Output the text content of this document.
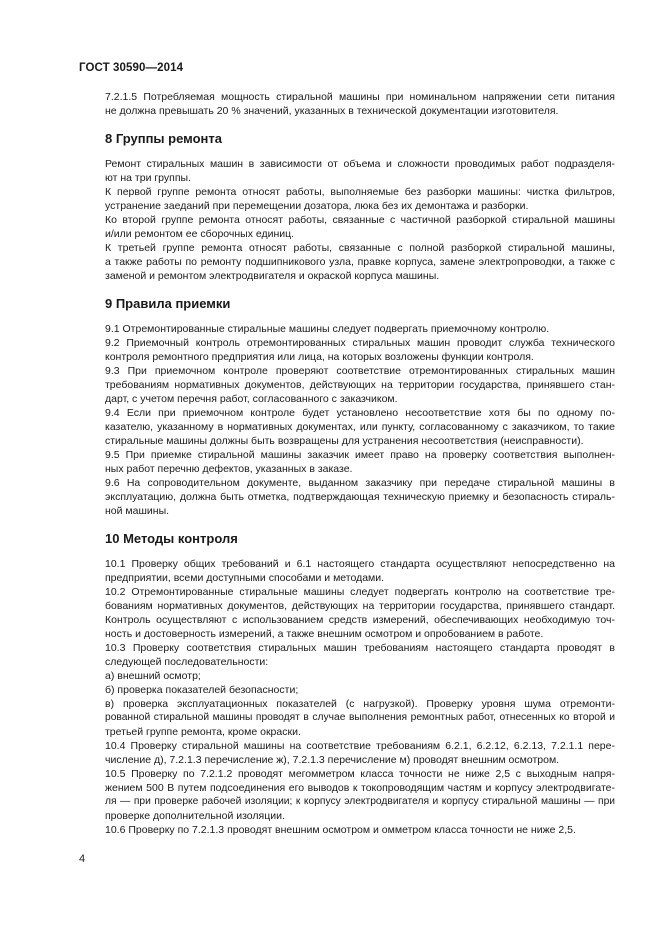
ГОСТ 30590—2014
7.2.1.5 Потребляемая мощность стиральной машины при номинальном напряжении сети питания
не должна превышать 20 % значений, указанных в технической документации изготовителя.
8 Группы ремонта
Ремонт стиральных машин в зависимости от объема и сложности проводимых работ подразделя-
ют на три группы.
К первой группе ремонта относят работы, выполняемые без разборки машины: чистка фильтров,
устранение заеданий при перемещении дозатора, люка без их демонтажа и разборки.
Ко второй группе ремонта относят работы, связанные с частичной разборкой стиральной машины
и/или ремонтом ее сборочных единиц.
К третьей группе ремонта относят работы, связанные с полной разборкой стиральной машины,
а также работы по ремонту подшипникового узла, правке корпуса, замене электропроводки, а также с
заменой и ремонтом электродвигателя и окраской корпуса машины.
9 Правила приемки
9.1 Отремонтированные стиральные машины следует подвергать приемочному контролю.
9.2 Приемочный контроль отремонтированных стиральных машин проводит служба технического
контроля ремонтного предприятия или лица, на которых возложены функции контроля.
9.3 При приемочном контроле проверяют соответствие отремонтированных стиральных машин
требованиям нормативных документов, действующих на территории государства, принявшего стан-
дарт, с учетом перечня работ, согласованного с заказчиком.
9.4 Если при приемочном контроле будет установлено несоответствие хотя бы по одному по-
казателю, указанному в нормативных документах, или пункту, согласованному с заказчиком, то такие
стиральные машины должны быть возвращены для устранения несоответствия (неисправности).
9.5 При приемке стиральной машины заказчик имеет право на проверку соответствия выполнен-
ных работ перечню дефектов, указанных в заказе.
9.6 На сопроводительном документе, выданном заказчику при передаче стиральной машины в
эксплуатацию, должна быть отметка, подтверждающая техническую приемку и безопасность стираль-
ной машины.
10 Методы контроля
10.1 Проверку общих требований и 6.1 настоящего стандарта осуществляют непосредственно на
предприятии, всеми доступными способами и методами.
10.2 Отремонтированные стиральные машины следует подвергать контролю на соответствие тре-
бованиям нормативных документов, действующих на территории государства, принявшего стандарт.
Контроль осуществляют с использованием средств измерений, обеспечивающих необходимую точ-
ность и достоверность измерений, а также внешним осмотром и опробованием в работе.
10.3 Проверку соответствия стиральных машин требованиям настоящего стандарта проводят в
следующей последовательности:
а) внешний осмотр;
б) проверка показателей безопасности;
в) проверка эксплуатационных показателей (с нагрузкой). Проверку уровня шума отремонти-
рованной стиральной машины проводят в случае выполнения ремонтных работ, отнесенных ко второй и
третьей группе ремонта, кроме окраски.
10.4 Проверку стиральной машины на соответствие требованиям 6.2.1, 6.2.12, 6.2.13, 7.2.1.1 пере-
числение д), 7.2.1.3 перечисление ж), 7.2.1.3 перечисление м) проводят внешним осмотром.
10.5 Проверку по 7.2.1.2 проводят мегомметром класса точности не ниже 2,5 с выходным напря-
жением 500 В путем подсоединения его выводов к токопроводящим частям и корпусу электродвигате-
ля — при проверке рабочей изоляции; к корпусу электродвигателя и корпусу стиральной машины — при
проверке дополнительной изоляции.
10.6 Проверку по 7.2.1.3 проводят внешним осмотром и омметром класса точности не ниже 2,5.
4
